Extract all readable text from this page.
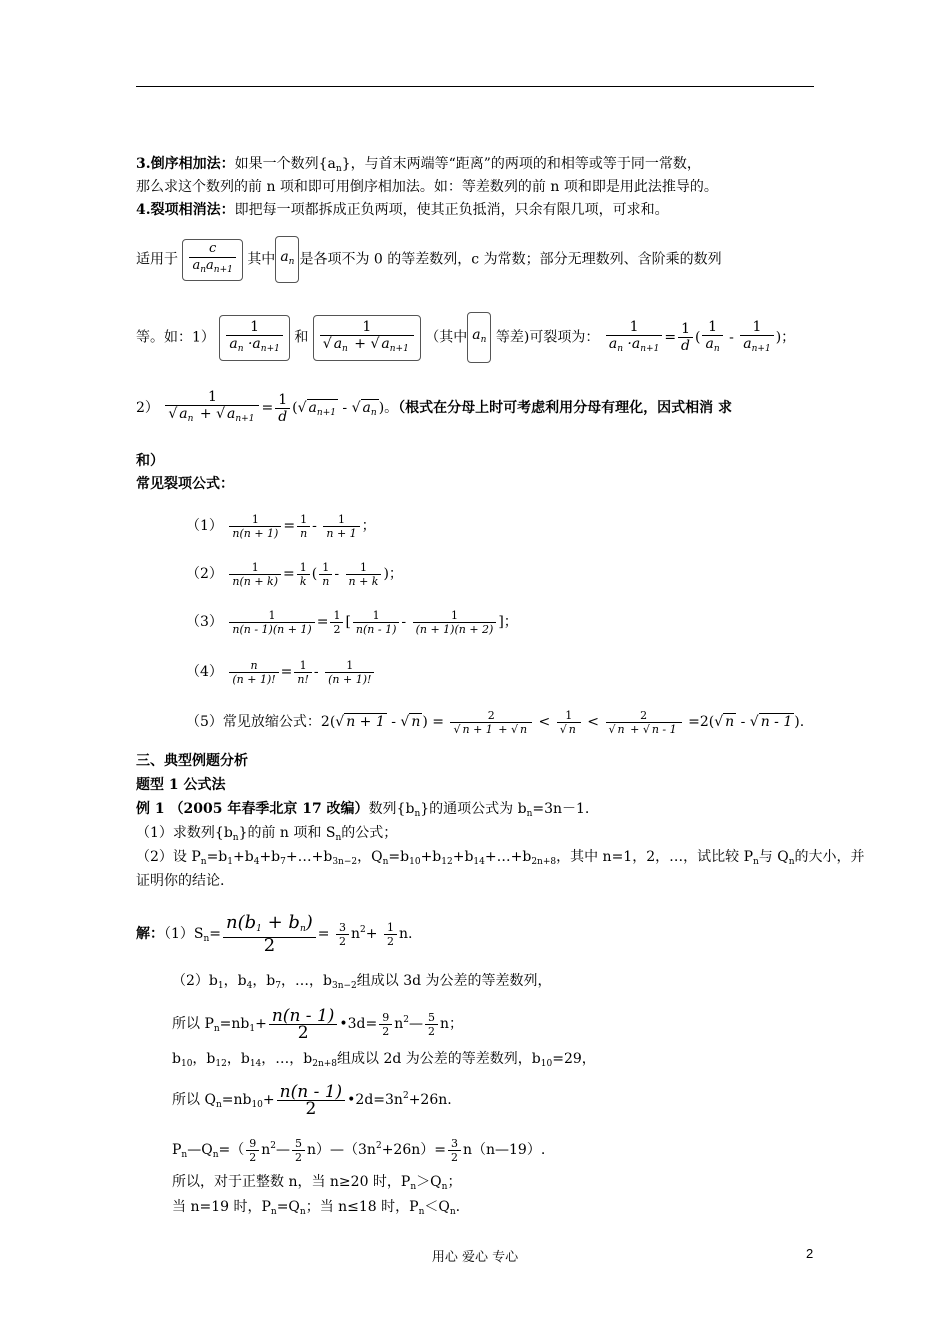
3.倒序相加法：如果一个数列$\{a_n\}$，与首末两端等“距离”的两项的和相等或等于同一常数，
那么求这个数列的前 n 项和即可用倒序相加法。如：等差数列的前 n 项和即是用此法推导的。
4.裂项相消法：即把每一项都拆成正负两项，使其正负抵消，只余有限几项，可求和。
适用于 $\frac{c}{a_na_{n+1}}$ 其中 $a_n$ 是各项不为 0 的等差数列，c 为常数；部分无理数列、含阶乘的数列
等。如：$1) \frac{1}{a_n \cdot a_{n+1}}$ 和 $\frac{1}{√ a_n + √ a_{n+1}}$ （其中 $a_n$ 等差)可裂项为： $\frac{1}{a_n \cdot a_{n+1}} = \frac{1}{d}$ ( $\frac{1}{a_n} - \frac{1}{a_{n+1}}$ )；
$2) \frac{1}{√ a_n + √ a_{n+1}} = \frac{1}{d}$ (√ $a_{n+1}$ - √ $a_n$ )。（根式在分母上时可考虑利用分母有理化，因式相消 求
和）
常见裂项公式：
$(1) \frac{1}{n(n + 1)} = \frac{1}{n} - \frac{1}{n + 1}$ ；
$(2) \frac{1}{n(n + k)} = \frac{1}{k}$ ( $\frac{1}{n} - \frac{1}{n + k}$ )；
$(3) \frac{1}{n(n - 1)(n + 1)} = \frac{1}{2}$ [ $\frac{1}{n(n - 1)} - \frac{1}{(n + 1)(n + 2)}$ ]；
$(4) \frac{n}{(n + 1)!} = \frac{1}{n!} - \frac{1}{(n + 1)!}$
（5）常见放缩公式：2(√ n + 1 - √ n ) = $\frac{2}{√ n + 1 + √ n} < \frac{1}{√ n} < \frac{2}{√ n + √ n - 1} =2(√$ n - √ n - 1 ).
三、典型例题分析
题型 1 公式法
例 1 （2005 年春季北京 17 改编）数列$\{b_n\}$的通项公式为 $b_n=3n-1$.
（1）求数列$\{b_n\}$的前 n 项和 $S_n$的公式；
（2）设 $P_n=b_1+b_4+b_7+\dots+b_{3n-2}$，$Q_n=b_{10}+b_{12}+b_{14}+\dots+b_{2n+8}$，其中 n=1，2，…，试比较 $P_n$与 $Q_n$的大小，并
证明你的结论.
解：$(1)S_n= \frac{n(b_1 + b_n)}{2} = \frac{3}{2} n^2+ \frac{1}{2} n$.
$(2)b_1$，$b_4$，$b_7$，…，$b_{3n-2}$组成以 3d 为公差的等差数列，
所以 $P_n=nb_1+ \frac{n(n - 1)}{2}$ •3d= $\frac{9}{2}$ $n^2— \frac{5}{2}$ n；
$b_{10}$，$b_{12}$，$b_{14}$，…，$b_{2n+8}$组成以 2d 为公差的等差数列，$b_{10}=29$，
所以 $Q_n=nb_{10}+ \frac{n(n - 1)}{2}$ $•2d=3n^2+26n$.
$P_n—Q_n=( \frac{9}{2}$ $n^2— \frac{5}{2}$ $n)—(3n^2+26n)= \frac{3}{2}$ n（n—19）.
所以，对于正整数 n，当 n≥20 时，$P_n>Q_n$；
当 n=19 时，$P_n=Q_n$；当 n≤18 时，$P_n<Q_n$.
用心 爱心 专心	2
